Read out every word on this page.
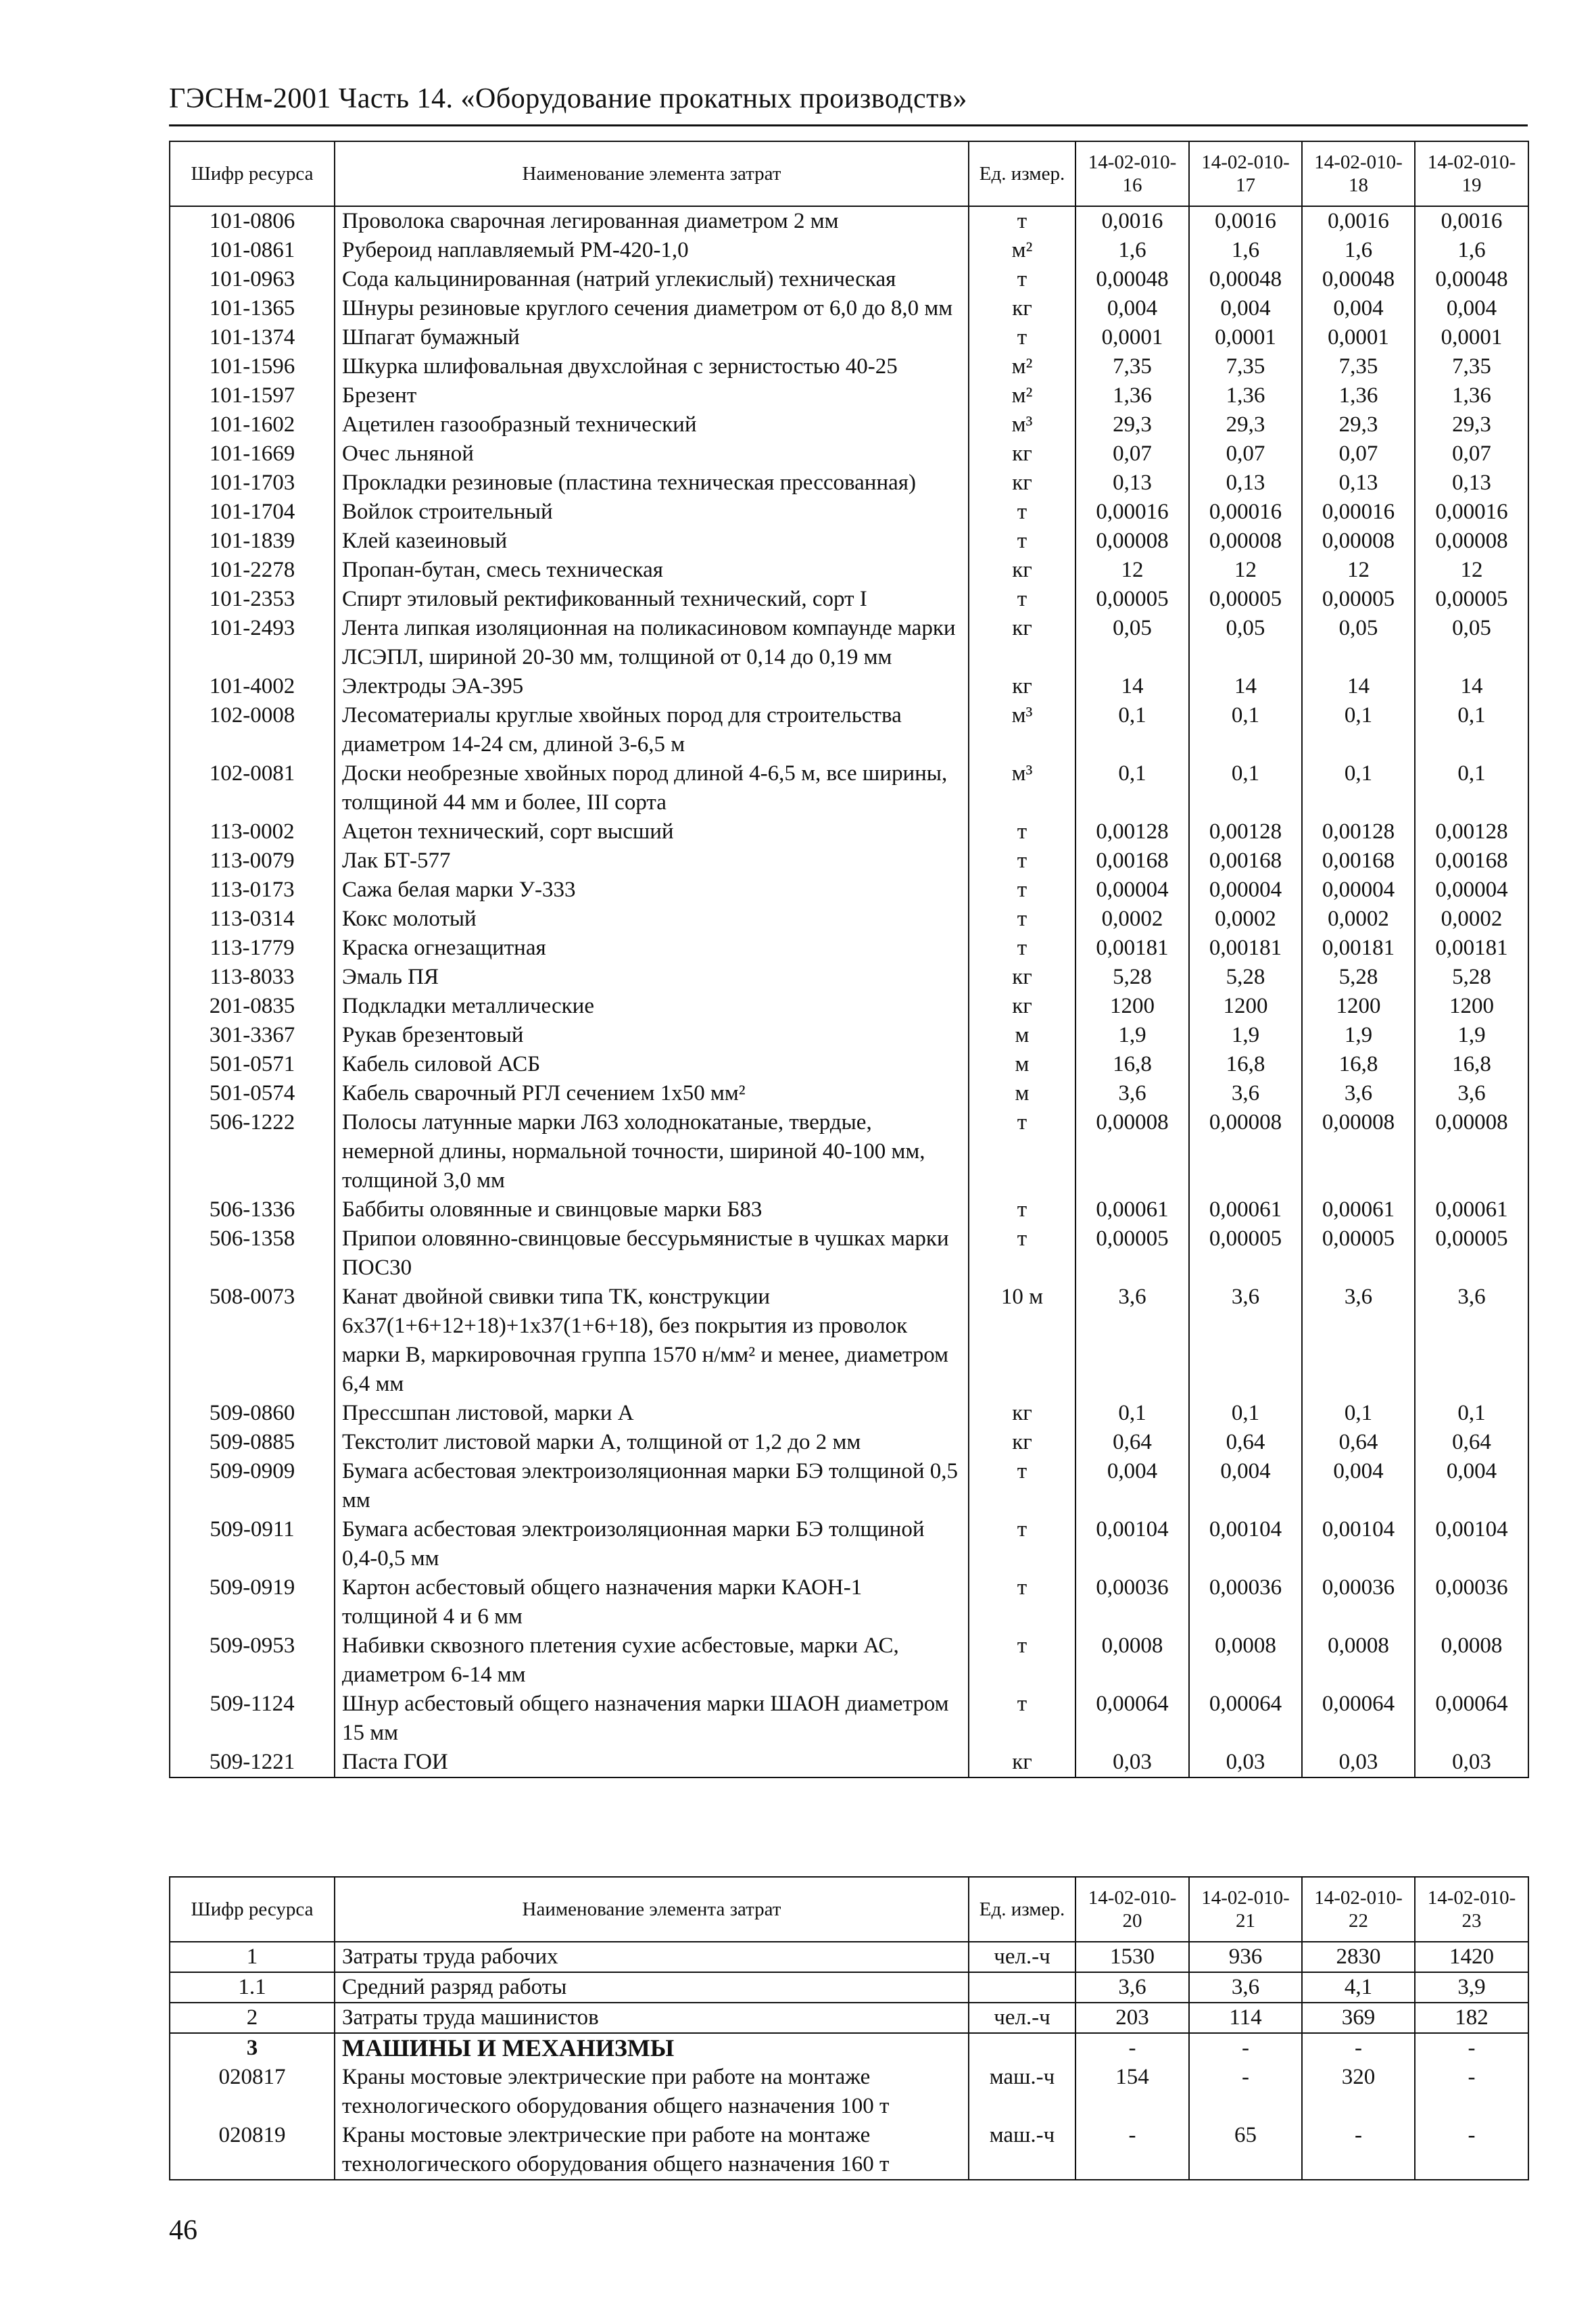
ГЭСНм-2001 Часть 14. «Оборудование прокатных производств»
Шифр ресурса	Наименование элемента затрат	Ед. измер.	14-02-010-16	14-02-010-17	14-02-010-18	14-02-010-19
101-0806	Проволока сварочная легированная диаметром 2 мм	т	0,0016	0,0016	0,0016	0,0016
101-0861	Рубероид наплавляемый РМ-420-1,0	м²	1,6	1,6	1,6	1,6
101-0963	Сода кальцинированная (натрий углекислый) техническая	т	0,00048	0,00048	0,00048	0,00048
101-1365	Шнуры резиновые круглого сечения диаметром от 6,0 до 8,0 мм	кг	0,004	0,004	0,004	0,004
101-1374	Шпагат бумажный	т	0,0001	0,0001	0,0001	0,0001
101-1596	Шкурка шлифовальная двухслойная с зернистостью 40-25	м²	7,35	7,35	7,35	7,35
101-1597	Брезент	м²	1,36	1,36	1,36	1,36
101-1602	Ацетилен газообразный технический	м³	29,3	29,3	29,3	29,3
101-1669	Очес льняной	кг	0,07	0,07	0,07	0,07
101-1703	Прокладки резиновые (пластина техническая прессованная)	кг	0,13	0,13	0,13	0,13
101-1704	Войлок строительный	т	0,00016	0,00016	0,00016	0,00016
101-1839	Клей казеиновый	т	0,00008	0,00008	0,00008	0,00008
101-2278	Пропан-бутан, смесь техническая	кг	12	12	12	12
101-2353	Спирт этиловый ректификованный технический, сорт I	т	0,00005	0,00005	0,00005	0,00005
101-2493	Лента липкая изоляционная на поликасиновом компаунде марки ЛСЭПЛ, шириной 20-30 мм, толщиной от 0,14 до 0,19 мм	кг	0,05	0,05	0,05	0,05
101-4002	Электроды ЭА-395	кг	14	14	14	14
102-0008	Лесоматериалы круглые хвойных пород для строительства диаметром 14-24 см, длиной 3-6,5 м	м³	0,1	0,1	0,1	0,1
102-0081	Доски необрезные хвойных пород длиной 4-6,5 м, все ширины, толщиной 44 мм и более, III сорта	м³	0,1	0,1	0,1	0,1
113-0002	Ацетон технический, сорт высший	т	0,00128	0,00128	0,00128	0,00128
113-0079	Лак БТ-577	т	0,00168	0,00168	0,00168	0,00168
113-0173	Сажа белая марки У-333	т	0,00004	0,00004	0,00004	0,00004
113-0314	Кокс молотый	т	0,0002	0,0002	0,0002	0,0002
113-1779	Краска огнезащитная	т	0,00181	0,00181	0,00181	0,00181
113-8033	Эмаль ПЯ	кг	5,28	5,28	5,28	5,28
201-0835	Подкладки металлические	кг	1200	1200	1200	1200
301-3367	Рукав брезентовый	м	1,9	1,9	1,9	1,9
501-0571	Кабель силовой АСБ	м	16,8	16,8	16,8	16,8
501-0574	Кабель сварочный РГЛ сечением 1х50 мм²	м	3,6	3,6	3,6	3,6
506-1222	Полосы латунные марки Л63 холоднокатаные, твердые, немерной длины, нормальной точности, шириной 40-100 мм, толщиной 3,0 мм	т	0,00008	0,00008	0,00008	0,00008
506-1336	Баббиты оловянные и свинцовые марки Б83	т	0,00061	0,00061	0,00061	0,00061
506-1358	Припои оловянно-свинцовые бессурьмянистые в чушках марки ПОС30	т	0,00005	0,00005	0,00005	0,00005
508-0073	Канат двойной свивки типа ТК, конструкции 6х37(1+6+12+18)+1х37(1+6+18), без покрытия из проволок марки В, маркировочная группа 1570 н/мм² и менее, диаметром 6,4 мм	10 м	3,6	3,6	3,6	3,6
509-0860	Прессшпан листовой, марки А	кг	0,1	0,1	0,1	0,1
509-0885	Текстолит листовой марки А, толщиной от 1,2 до 2 мм	кг	0,64	0,64	0,64	0,64
509-0909	Бумага асбестовая электроизоляционная марки БЭ толщиной 0,5 мм	т	0,004	0,004	0,004	0,004
509-0911	Бумага асбестовая электроизоляционная марки БЭ толщиной 0,4-0,5 мм	т	0,00104	0,00104	0,00104	0,00104
509-0919	Картон асбестовый общего назначения марки КАОН-1 толщиной 4 и 6 мм	т	0,00036	0,00036	0,00036	0,00036
509-0953	Набивки сквозного плетения сухие асбестовые, марки АС, диаметром 6-14 мм	т	0,0008	0,0008	0,0008	0,0008
509-1124	Шнур асбестовый общего назначения марки ШАОН диаметром 15 мм	т	0,00064	0,00064	0,00064	0,00064
509-1221	Паста ГОИ	кг	0,03	0,03	0,03	0,03
Шифр ресурса	Наименование элемента затрат	Ед. измер.	14-02-010-20	14-02-010-21	14-02-010-22	14-02-010-23
1	Затраты труда рабочих	чел.-ч	1530	936	2830	1420
1.1	Средний разряд работы		3,6	3,6	4,1	3,9
2	Затраты труда машинистов	чел.-ч	203	114	369	182
3	МАШИНЫ И МЕХАНИЗМЫ		-	-	-	-
020817	Краны мостовые электрические при работе на монтаже технологического оборудования общего назначения 100 т	маш.-ч	154	-	320	-
020819	Краны мостовые электрические при работе на монтаже технологического оборудования общего назначения 160 т	маш.-ч	-	65	-	-
46
